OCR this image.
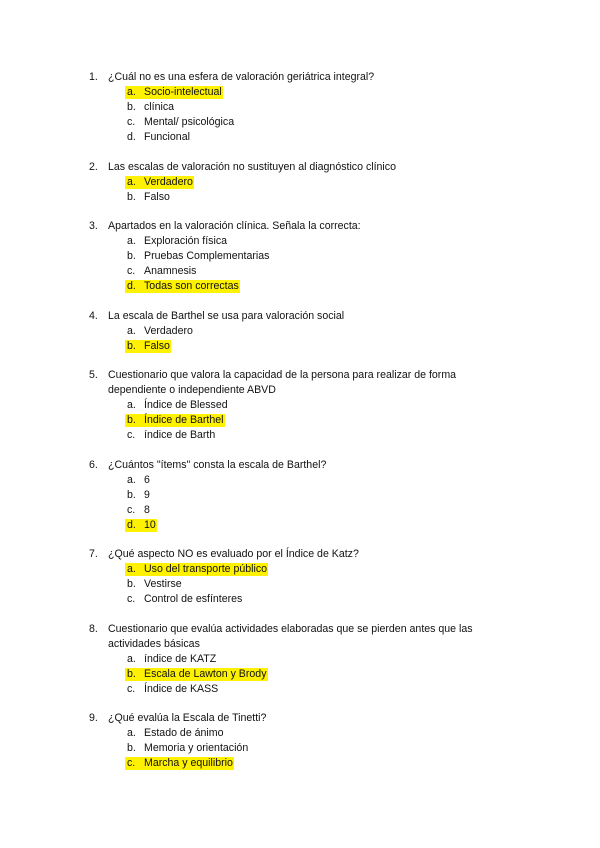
1. ¿Cuál no es una esfera de valoración geriátrica integral?
a. Socio-intelectual
b. clínica
c. Mental/ psicológica
d. Funcional
2. Las escalas de valoración no sustituyen al diagnóstico clínico
a. Verdadero
b. Falso
3. Apartados en la valoración clínica. Señala la correcta:
a. Exploración física
b. Pruebas Complementarias
c. Anamnesis
d. Todas son correctas
4. La escala de Barthel se usa para valoración social
a. Verdadero
b. Falso
5. Cuestionario que valora la capacidad de la persona para realizar de forma dependiente o independiente ABVD
a. Índice de Blessed
b. Índice de Barthel
c. índice de Barth
6. ¿Cuántos "ítems" consta la escala de Barthel?
a. 6
b. 9
c. 8
d. 10
7. ¿Qué aspecto NO es evaluado por el Índice de Katz?
a. Uso del transporte público
b. Vestirse
c. Control de esfínteres
8. Cuestionario que evalúa actividades elaboradas que se pierden antes que las actividades básicas
a. índice de KATZ
b. Escala de Lawton y Brody
c. Índice de KASS
9. ¿Qué evalúa la Escala de Tinetti?
a. Estado de ánimo
b. Memoria y orientación
c. Marcha y equilibrio
